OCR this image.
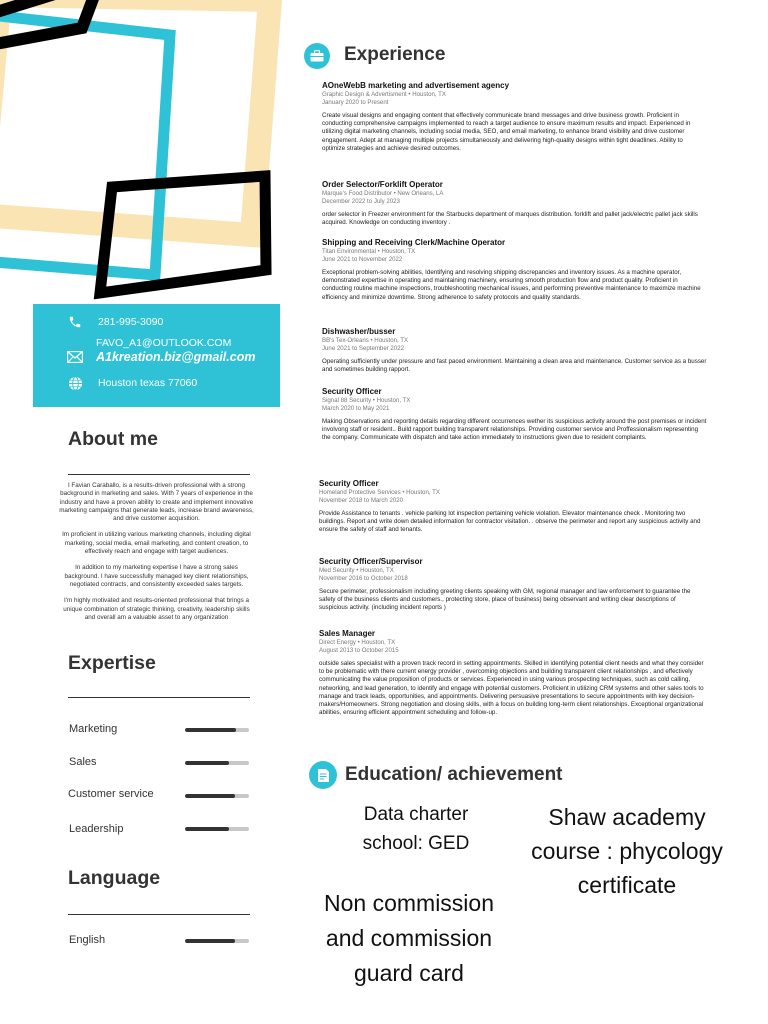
281-995-3090
FAVO_A1@OUTLOOK.COM
A1kreation.biz@gmail.com
Houston texas 77060
About me

I Favian Caraballo, is a results-driven professional with a strong background in marketing and sales. With 7 years of experience in the industry and have a proven ability to create and implement innovative marketing campaigns that generate leads, increase brand awareness, and drive customer acquisition.

Im proficient in utilizing various marketing channels, including digital marketing, social media, email marketing, and content creation, to effectively reach and engage with target audiences.

In addition to my marketing expertise I have a strong sales background. I have successfully managed key client relationships, negotiated contracts, and consistently exceeded sales targets.

I'm highly motivated and results-oriented professional that brings a unique combination of strategic thinking, creativity, leadership skills and overall am a valuable asset to any organization

Expertise
Marketing
Sales
Customer service
Leadership
Language
English
Experience
AOneWebB marketing and advertisement agency
Graphic Design & Advertisment • Houston, TX
January 2020 to Present
Create visual designs and engaging content that effectively communicate brand messages and drive business growth. Proficient in conducting comprehensive campaigns implemented to reach a target audience to ensure maximum results and impact. Experienced in utilizing digital marketing channels, including social media, SEO, and email marketing, to enhance brand visibility and drive customer engagement. Adept at managing multiple projects simultaneously and delivering high-quality designs within tight deadlines. Ability to optimize strategies and achieve desired outcomes.
Order Selector/Forklift Operator
Marque's Food Distributor • New Orleans, LA
December 2022 to July 2023
order selector in Freezer environment for the Starbucks department of marques distribution. forklift and pallet jack/electric pallet jack skills acquired. Knowledge on conducting inventory .
Shipping and Receiving Clerk/Machine Operator
Titan Environmental • Houston, TX
June 2021 to November 2022
Exceptional problem-solving abilities, Identifying and resolving shipping discrepancies and inventory issues. As a machine operator, demonstrated expertise in operating and maintaining machinery, ensuring smooth production flow and product quality. Proficient in conducting routine machine inspections, troubleshooting mechanical issues, and performing preventive maintenance to maximize machine efficiency and minimize downtime. Strong adherence to safety protocols and quality standards.
Dishwasher/busser
BB's Tex-Orleans • Houston, TX
June 2021 to September 2022
Operating sufficiently under pressure and fast paced environment. Maintaining a clean area and maintenance. Customer service as a busser and sometimes building rapport.
Security Officer
Signal 88 Security • Houston, TX
March 2020 to May 2021
Making Observations and reporting details regarding different occurrences wether its suspicious activity around the post premises or incident involvong staff or resident.. Build rapport building transparent relationships. Providing customer service and Proffessionalism representing the company. Communicate with dispatch and take action immediately to instructions given due to resident complaints.
Security Officer
Homeland Protective Services • Houston, TX
November 2018 to March 2020
Provide Assistance to tenants . vehicle parking lot inspection pertaining vehicle violation. Elevator maintenance check . Monitoring two buildings. Report and write down detailed information for contractor visitation. . observe the perimeter and report any suspicious activity and ensure the safety of staff and tenants.
Security Officer/Supervisor
Med Security • Houston, TX
November 2016 to October 2018
Secure perimeter, professionalism including greeting clients speaking with GM, regional manager and law enforcement to guarantee the safety of the business clients and customers., protecting store, place of business) being observant and writing clear descriptions of suspicious activity. (including incident reports )
Sales Manager
Direct Energy • Houston, TX
August 2013 to October 2015
outside sales specialist with a proven track record in setting appointments. Skilled in identifying potential client needs and what they consider to be problematic with there current energy provider , overcoming objections and building transparent client relationships , and effectively communicating the value proposition of products or services. Experienced in using various prospecting techniques, such as cold calling, networking, and lead generation, to identify and engage with potential customers. Proficient in utilizing CRM systems and other sales tools to manage and track leads, opportunities, and appointments. Delivering persuasive presentations to secure appointments with key decision-makers/Homeowners. Strong negotiation and closing skills, with a focus on building long-term client relationships. Exceptional organizational abilities, ensuring efficient appointment scheduling and follow-up.
Education/ achievement
Data charter school: GED
Shaw academy course : phycology certificate
Non commission and commission guard card
